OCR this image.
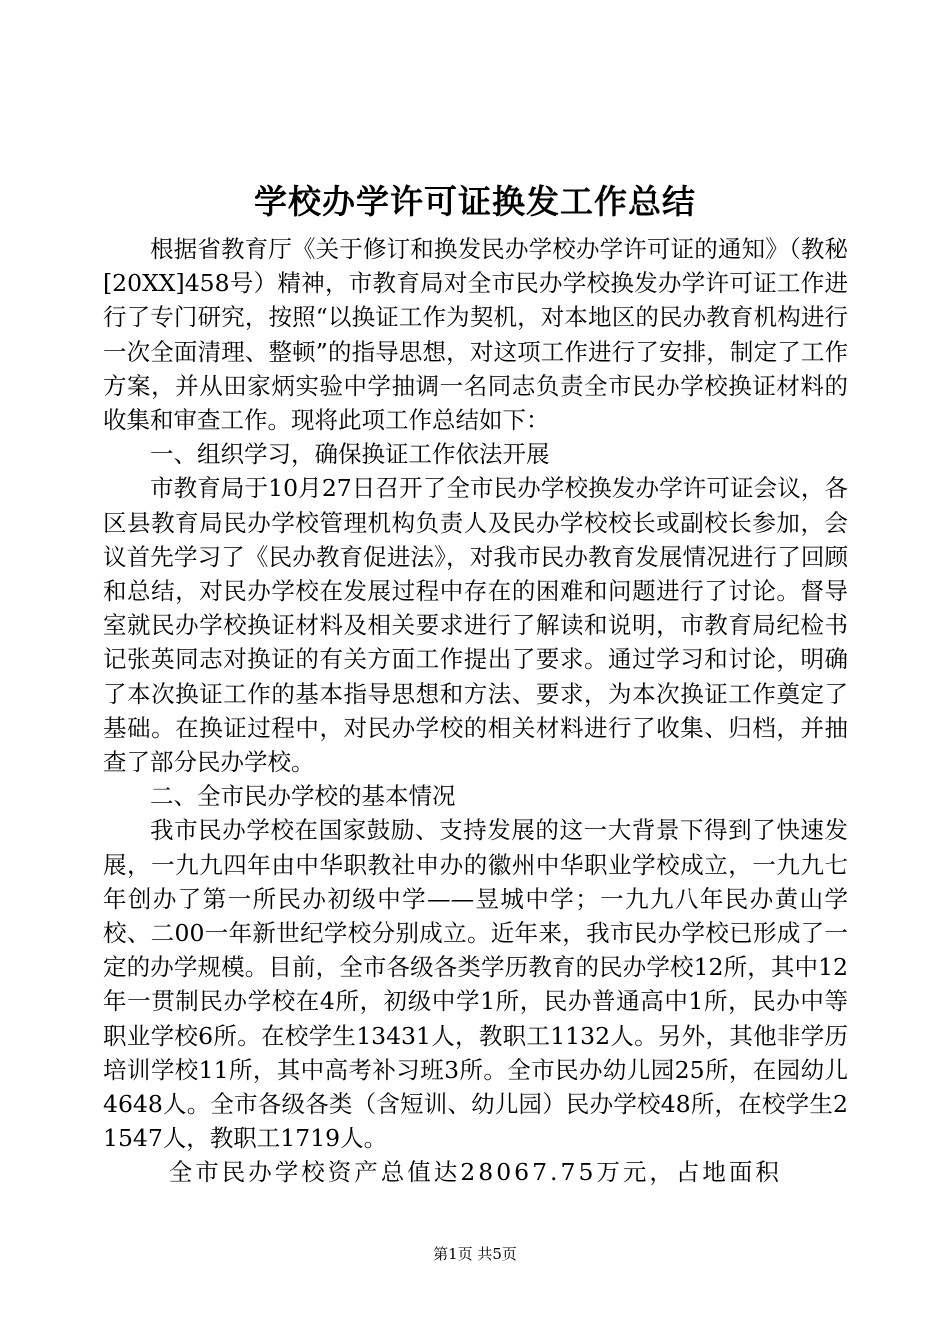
学校办学许可证换发工作总结

根据省教育厅《关于修订和换发民办学校办学许可证的通知》（教秘[20XX]458号）精神，市教育局对全市民办学校换发办学许可证工作进行了专门研究，按照“以换证工作为契机，对本地区的民办教育机构进行一次全面清理、整顿”的指导思想，对这项工作进行了安排，制定了工作方案，并从田家炳实验中学抽调一名同志负责全市民办学校换证材料的收集和审查工作。现将此项工作总结如下：

一、组织学习，确保换证工作依法开展

市教育局于10月27日召开了全市民办学校换发办学许可证会议，各区县教育局民办学校管理机构负责人及民办学校校长或副校长参加，会议首先学习了《民办教育促进法》，对我市民办教育发展情况进行了回顾和总结，对民办学校在发展过程中存在的困难和问题进行了讨论。督导室就民办学校换证材料及相关要求进行了解读和说明，市教育局纪检书记张英同志对换证的有关方面工作提出了要求。通过学习和讨论，明确了本次换证工作的基本指导思想和方法、要求，为本次换证工作奠定了基础。在换证过程中，对民办学校的相关材料进行了收集、归档，并抽查了部分民办学校。

二、全市民办学校的基本情况

我市民办学校在国家鼓励、支持发展的这一大背景下得到了快速发展，一九九四年由中华职教社申办的徽州中华职业学校成立，一九九七年创办了第一所民办初级中学——昱城中学；一九九八年民办黄山学校、二00一年新世纪学校分别成立。近年来，我市民办学校已形成了一定的办学规模。目前，全市各级各类学历教育的民办学校12所，其中12年一贯制民办学校在4所，初级中学1所，民办普通高中1所，民办中等职业学校6所。在校学生13431人，教职工1132人。另外，其他非学历培训学校11所，其中高考补习班3所。全市民办幼儿园25所，在园幼儿4648人。全市各级各类（含短训、幼儿园）民办学校48所，在校学生21547人，教职工1719人。

全市民办学校资产总值达28067.75万元，占地面积

第1页 共5页
